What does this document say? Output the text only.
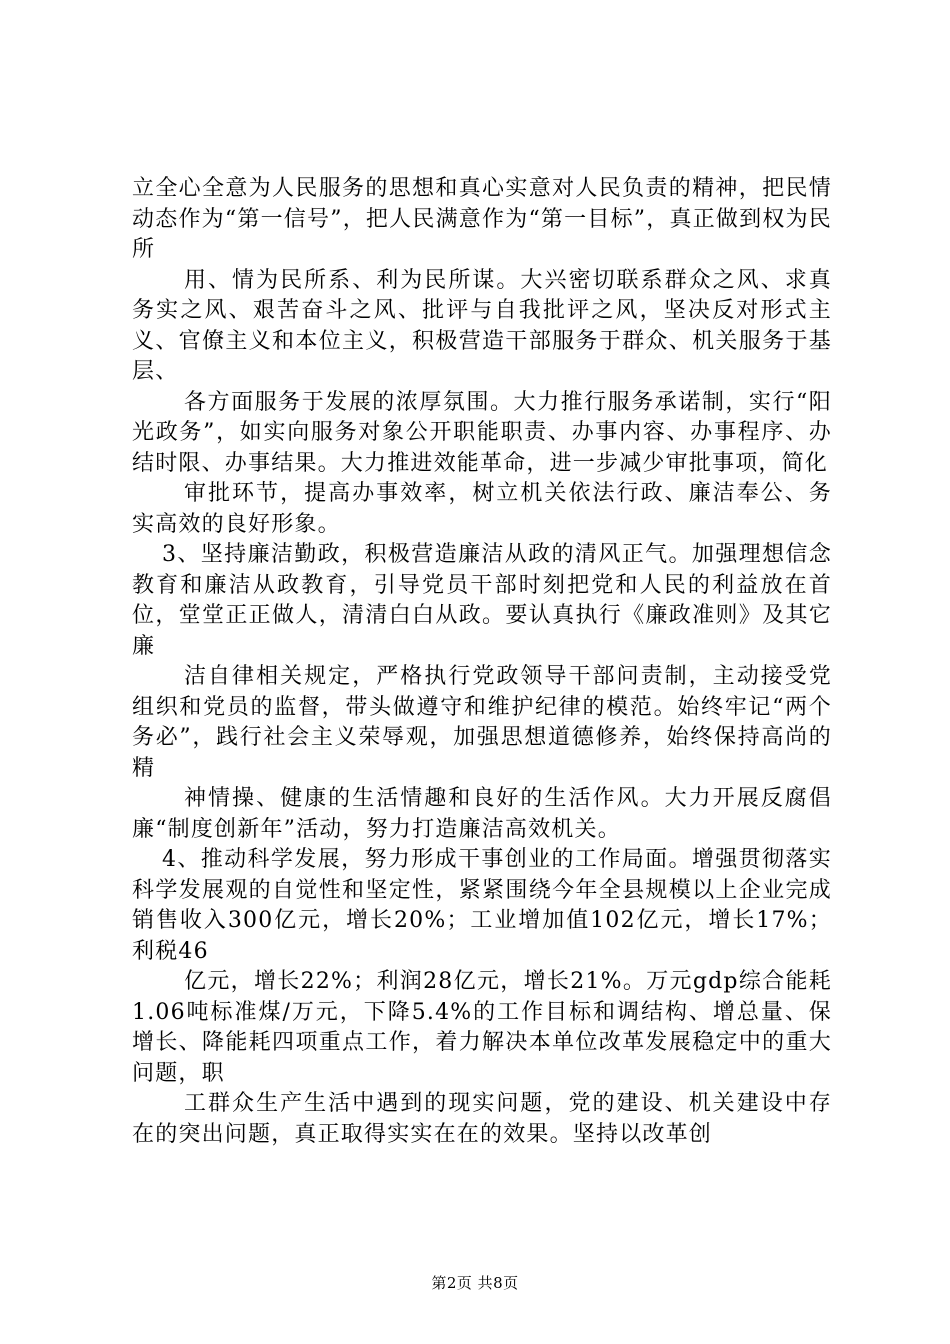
立全心全意为人民服务的思想和真心实意对人民负责的精神，把民情动态作为“第一信号”，把人民满意作为“第一目标”，真正做到权为民所

用、情为民所系、利为民所谋。大兴密切联系群众之风、求真务实之风、艰苦奋斗之风、批评与自我批评之风，坚决反对形式主义、官僚主义和本位主义，积极营造干部服务于群众、机关服务于基层、

各方面服务于发展的浓厚氛围。大力推行服务承诺制，实行“阳光政务”，如实向服务对象公开职能职责、办事内容、办事程序、办结时限、办事结果。大力推进效能革命，进一步减少审批事项，简化

审批环节，提高办事效率，树立机关依法行政、廉洁奉公、务实高效的良好形象。

3、坚持廉洁勤政，积极营造廉洁从政的清风正气。加强理想信念教育和廉洁从政教育，引导党员干部时刻把党和人民的利益放在首位，堂堂正正做人，清清白白从政。要认真执行《廉政准则》及其它廉

洁自律相关规定，严格执行党政领导干部问责制，主动接受党组织和党员的监督，带头做遵守和维护纪律的模范。始终牢记“两个务必”，践行社会主义荣辱观，加强思想道德修养，始终保持高尚的精

神情操、健康的生活情趣和良好的生活作风。大力开展反腐倡廉“制度创新年”活动，努力打造廉洁高效机关。

4、推动科学发展，努力形成干事创业的工作局面。增强贯彻落实科学发展观的自觉性和坚定性，紧紧围绕今年全县规模以上企业完成销售收入300亿元，增长20%；工业增加值102亿元，增长17%；利税46

亿元，增长22%；利润28亿元，增长21%。万元gdp综合能耗1.06吨标准煤/万元，下降5.4%的工作目标和调结构、增总量、保增长、降能耗四项重点工作，着力解决本单位改革发展稳定中的重大问题，职

工群众生产生活中遇到的现实问题，党的建设、机关建设中存在的突出问题，真正取得实实在在的效果。坚持以改革创

第2页 共8页
